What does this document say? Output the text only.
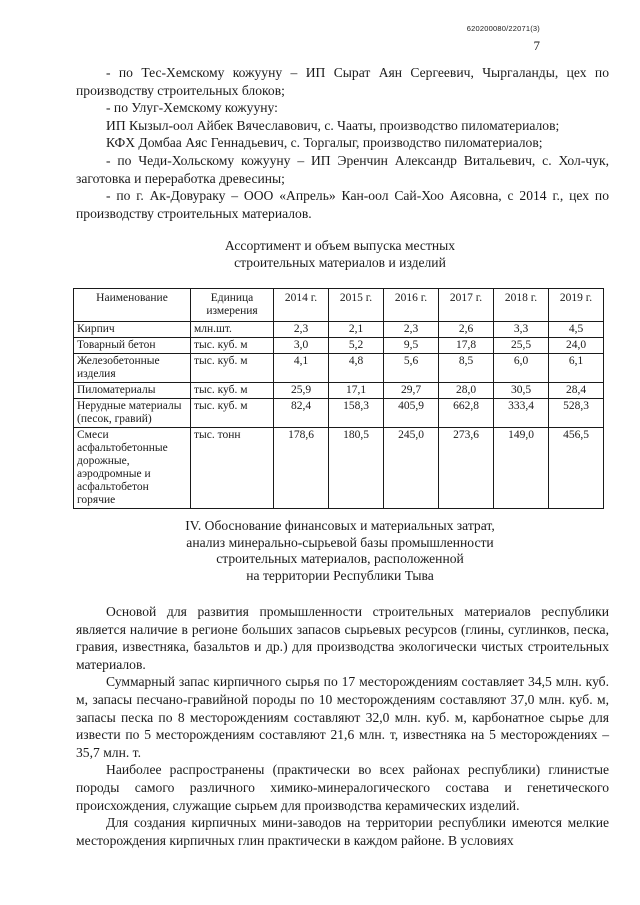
620200080/22071(3)
7

- по Тес-Хемскому кожууну – ИП Сырат Аян Сергеевич, Чыргаланды, цех по производству строительных блоков;

- по Улуг-Хемскому кожууну:

ИП Кызыл-оол Айбек Вячеславович, с. Чааты, производство пиломатериалов;

КФХ Домбаа Аяс Геннадьевич, с. Торгалыг, производство пиломатериалов;

- по Чеди-Хольскому кожууну – ИП Эренчин Александр Витальевич, с. Хол-чук, заготовка и переработка древесины;

- по г. Ак-Довураку – ООО «Апрель» Кан-оол Сай-Хоо Аясовна, с 2014 г., цех по производству строительных материалов.

Ассортимент и объем выпуска местных

строительных материалов и изделий

Наименование	Единица измерения	2014 г.	2015 г.	2016 г.	2017 г.	2018 г.	2019 г.
Кирпич	млн.шт.	2,3	2,1	2,3	2,6	3,3	4,5
Товарный бетон	тыс. куб. м	3,0	5,2	9,5	17,8	25,5	24,0
Железобетонные изделия	тыс. куб. м	4,1	4,8	5,6	8,5	6,0	6,1
Пиломатериалы	тыс. куб. м	25,9	17,1	29,7	28,0	30,5	28,4
Нерудные материалы (песок, гравий)	тыс. куб. м	82,4	158,3	405,9	662,8	333,4	528,3
Смеси асфальтобетонные дорожные, аэродромные и асфальтобетон горячие	тыс. тонн	178,6	180,5	245,0	273,6	149,0	456,5

IV. Обоснование финансовых и материальных затрат,

анализ минерально-сырьевой базы промышленности

строительных материалов, расположенной

на территории Республики Тыва

Основой для развития промышленности строительных материалов республики является наличие в регионе больших запасов сырьевых ресурсов (глины, суглинков, песка, гравия, известняка, базальтов и др.) для производства экологически чистых строительных материалов.

Суммарный запас кирпичного сырья по 17 месторождениям составляет 34,5 млн. куб. м, запасы песчано-гравийной породы по 10 месторождениям составляют 37,0 млн. куб. м, запасы песка по 8 месторождениям составляют 32,0 млн. куб. м, карбонатное сырье для извести по 5 месторождениям составляют 21,6 млн. т, известняка на 5 месторождениях – 35,7 млн. т.

Наиболее распространены (практически во всех районах республики) глинистые породы самого различного химико-минералогического состава и генетического происхождения, служащие сырьем для производства керамических изделий.

Для создания кирпичных мини-заводов на территории республики имеются мелкие месторождения кирпичных глин практически в каждом районе. В условиях
